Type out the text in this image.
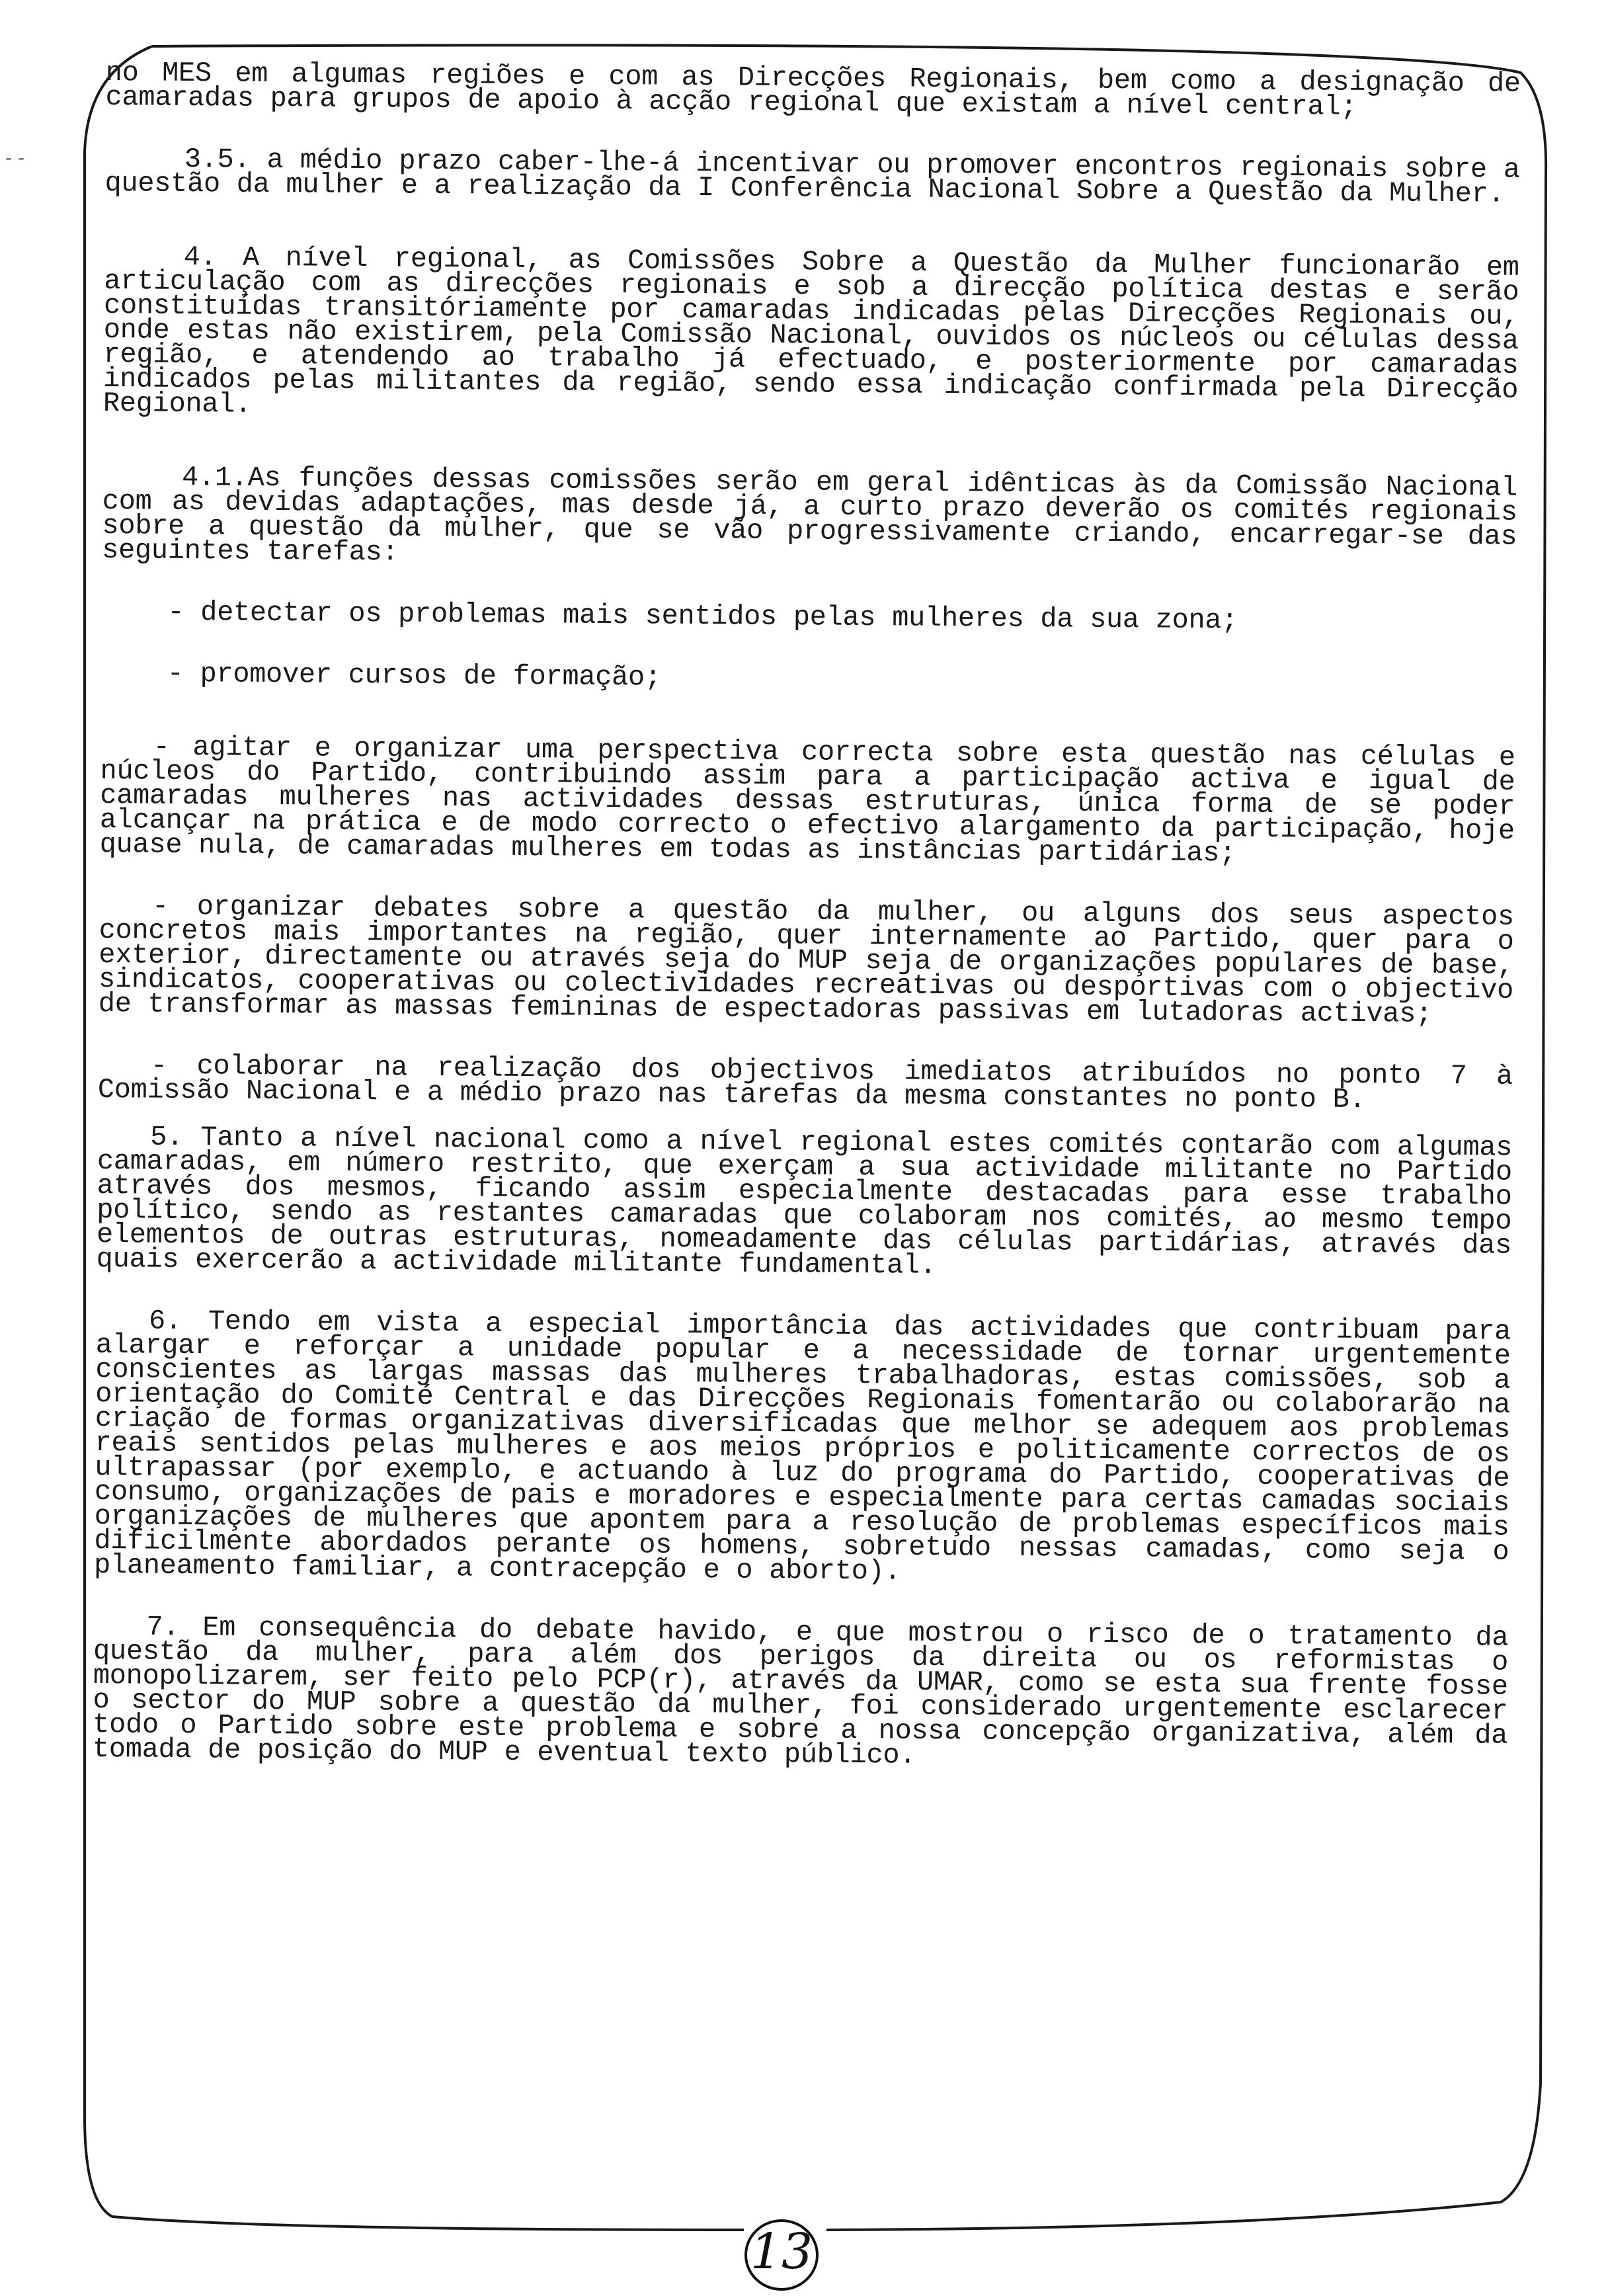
- -

no MES em algumas regiões e com as Direcções Regionais, bem como a designação de camaradas para grupos de apoio à acção regional que existam a nível central;

3.5. a médio prazo caber-lhe-á incentivar ou promover encontros regionais sobre a questão da mulher e a realização da I Conferência Nacional Sobre a Questão da Mulher.

4. A nível regional, as Comissões Sobre a Questão da Mulher funcionarão em articulação com as direcções regionais e sob a direcção política destas e serão constituídas transitóriamente por camaradas indicadas pelas Direcções Regionais ou, onde estas não existirem, pela Comissão Nacional, ouvidos os núcleos ou células dessa região, e atendendo ao trabalho já efectuado, e posteriormente por camaradas indicados pelas militantes da região, sendo essa indicação confirmada pela Direcção Regional.

4.1.As funções dessas comissões serão em geral idênticas às da Comissão Nacional com as devidas adaptações, mas desde já, a curto prazo deverão os comités regionais sobre a questão da mulher, que se vão progressivamente criando, encarregar-se das seguintes tarefas:

- detectar os problemas mais sentidos pelas mulheres da sua zona;

- promover cursos de formação;

- agitar e organizar uma perspectiva correcta sobre esta questão nas células e núcleos do Partido, contribuindo assim para a participação activa e igual de camaradas mulheres nas actividades dessas estruturas, única forma de se poder alcançar na prática e de modo correcto o efectivo alargamento da participação, hoje quase nula, de camaradas mulheres em todas as instâncias partidárias;

- organizar debates sobre a questão da mulher, ou alguns dos seus aspectos concretos mais importantes na região, quer internamente ao Partido, quer para o exterior, directamente ou através seja do MUP seja de organizações populares de base, sindicatos, cooperativas ou colectividades recreativas ou desportivas com o objectivo de transformar as massas femininas de espectadoras passivas em lutadoras activas;

- colaborar na realização dos objectivos imediatos atribuídos no ponto 7 à Comissão Nacional e a médio prazo nas tarefas da mesma constantes no ponto B.

5. Tanto a nível nacional como a nível regional estes comités contarão com algumas camaradas, em número restrito, que exerçam a sua actividade militante no Partido através dos mesmos, ficando assim especialmente destacadas para esse trabalho político, sendo as restantes camaradas que colaboram nos comités, ao mesmo tempo elementos de outras estruturas, nomeadamente das células partidárias, através das quais exercerão a actividade militante fundamental.

6. Tendo em vista a especial importância das actividades que contribuam para alargar e reforçar a unidade popular e a necessidade de tornar urgentemente conscientes as largas massas das mulheres trabalhadoras, estas comissões, sob a orientação do Comité Central e das Direcções Regionais fomentarão ou colaborarão na criação de formas organizativas diversificadas que melhor se adequem aos problemas reais sentidos pelas mulheres e aos meios próprios e politicamente correctos de os ultrapassar (por exemplo, e actuando à luz do programa do Partido, cooperativas de consumo, organizações de pais e moradores e especialmente para certas camadas sociais organizações de mulheres que apontem para a resolução de problemas específicos mais dificilmente abordados perante os homens, sobretudo nessas camadas, como seja o planeamento familiar, a contracepção e o aborto).

7. Em consequência do debate havido, e que mostrou o risco de o tratamento da questão da mulher, para além dos perigos da direita ou os reformistas o monopolizarem, ser feito pelo PCP(r), através da UMAR, como se esta sua frente fosse o sector do MUP sobre a questão da mulher, foi considerado urgentemente esclarecer todo o Partido sobre este problema e sobre a nossa concepção organizativa, além da tomada de posição do MUP e eventual texto público.

13
